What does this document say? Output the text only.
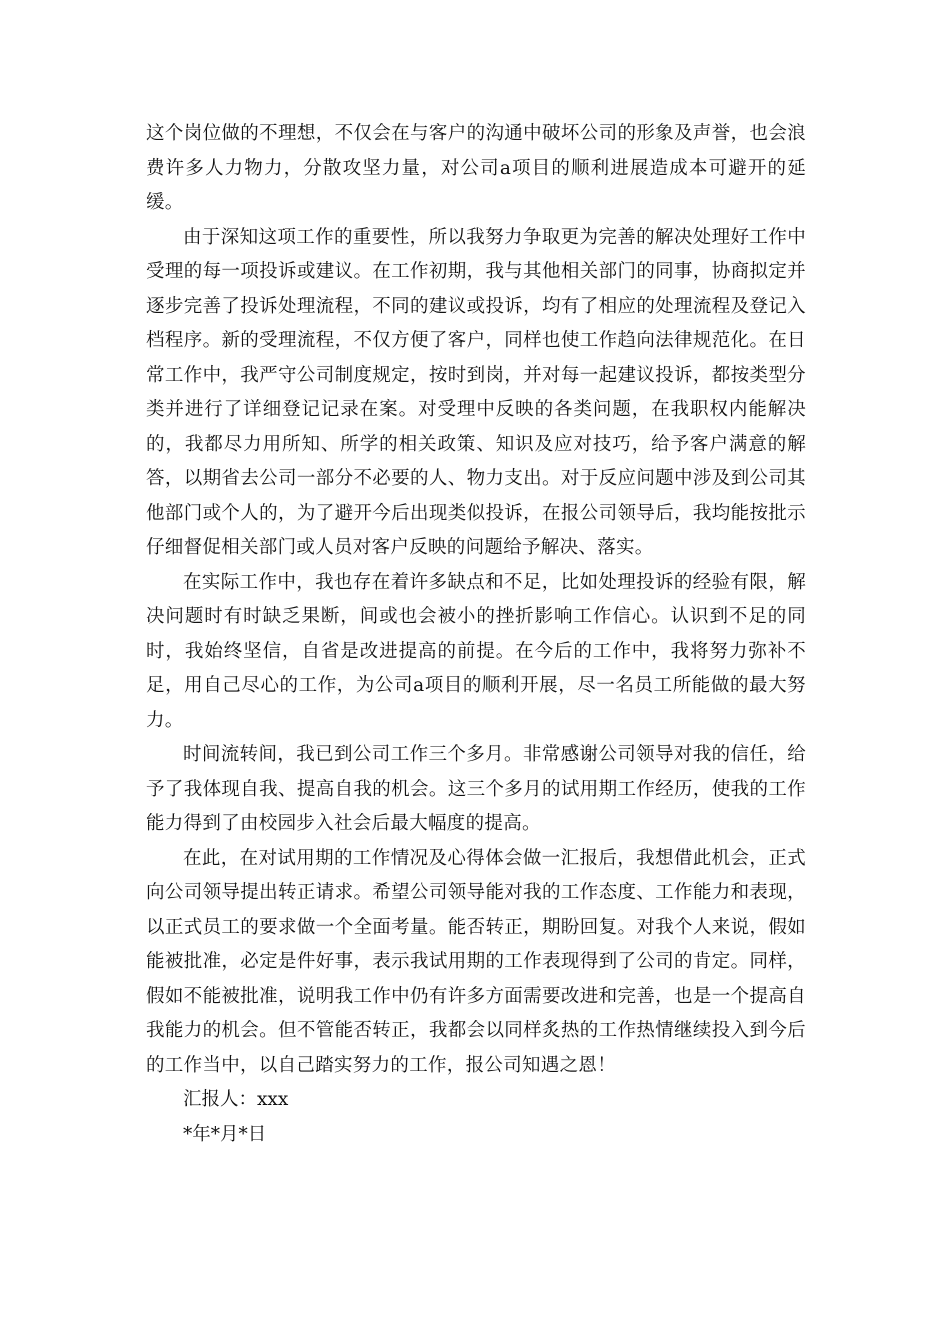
这个岗位做的不理想，不仅会在与客户的沟通中破坏公司的形象及声誉，也会浪费许多人力物力，分散攻坚力量，对公司a项目的顺利进展造成本可避开的延缓。

由于深知这项工作的重要性，所以我努力争取更为完善的解决处理好工作中受理的每一项投诉或建议。在工作初期，我与其他相关部门的同事，协商拟定并逐步完善了投诉处理流程，不同的建议或投诉，均有了相应的处理流程及登记入档程序。新的受理流程，不仅方便了客户，同样也使工作趋向法律规范化。在日常工作中，我严守公司制度规定，按时到岗，并对每一起建议投诉，都按类型分类并进行了详细登记记录在案。对受理中反映的各类问题，在我职权内能解决的，我都尽力用所知、所学的相关政策、知识及应对技巧，给予客户满意的解答，以期省去公司一部分不必要的人、物力支出。对于反应问题中涉及到公司其他部门或个人的，为了避开今后出现类似投诉，在报公司领导后，我均能按批示仔细督促相关部门或人员对客户反映的问题给予解决、落实。

在实际工作中，我也存在着许多缺点和不足，比如处理投诉的经验有限，解决问题时有时缺乏果断，间或也会被小的挫折影响工作信心。认识到不足的同时，我始终坚信，自省是改进提高的前提。在今后的工作中，我将努力弥补不足，用自己尽心的工作，为公司a项目的顺利开展，尽一名员工所能做的最大努力。

时间流转间，我已到公司工作三个多月。非常感谢公司领导对我的信任，给予了我体现自我、提高自我的机会。这三个多月的试用期工作经历，使我的工作能力得到了由校园步入社会后最大幅度的提高。

在此，在对试用期的工作情况及心得体会做一汇报后，我想借此机会，正式向公司领导提出转正请求。希望公司领导能对我的工作态度、工作能力和表现，以正式员工的要求做一个全面考量。能否转正，期盼回复。对我个人来说，假如能被批准，必定是件好事，表示我试用期的工作表现得到了公司的肯定。同样，假如不能被批准，说明我工作中仍有许多方面需要改进和完善，也是一个提高自我能力的机会。但不管能否转正，我都会以同样炙热的工作热情继续投入到今后的工作当中，以自己踏实努力的工作，报公司知遇之恩！

汇报人：xxx

*年*月*日
